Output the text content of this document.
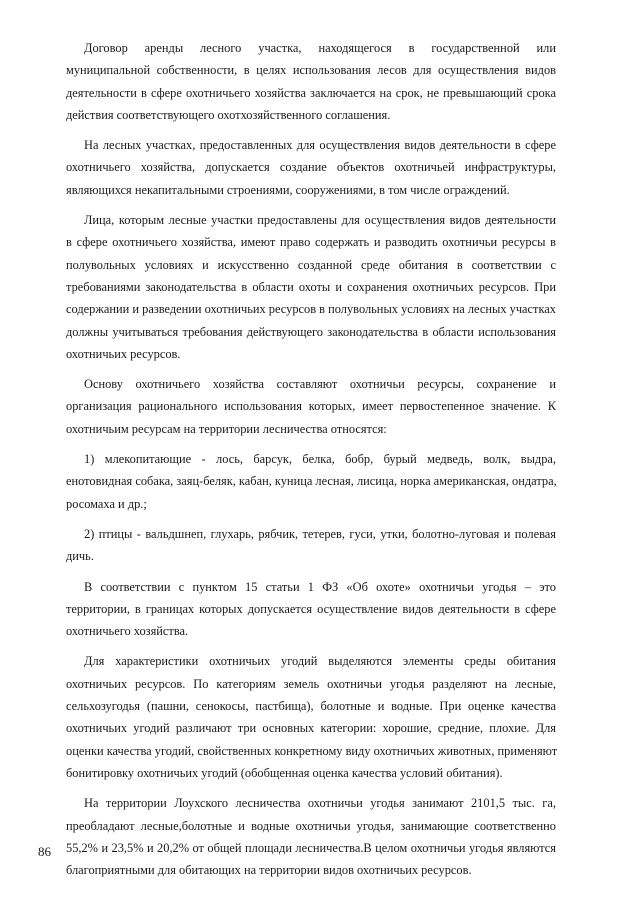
Договор аренды лесного участка, находящегося в государственной или
муниципальной собственности, в целях использования лесов для осуществления видов
деятельности в сфере охотничьего хозяйства заключается на срок, не превышающий срока
действия соответствующего охотхозяйственного соглашения.

На лесных участках, предоставленных для осуществления видов деятельности в сфере
охотничьего хозяйства, допускается создание объектов охотничьей инфраструктуры,
являющихся некапитальными строениями, сооружениями, в том числе ограждений.

Лица, которым лесные участки предоставлены для осуществления видов деятельности
в сфере охотничьего хозяйства, имеют право содержать и разводить охотничьи ресурсы в
полувольных условиях и искусственно созданной среде обитания в соответствии с
требованиями законодательства в области охоты и сохранения охотничьих ресурсов. При
содержании и разведении охотничьих ресурсов в полувольных условиях на лесных участках
должны учитываться требования действующего законодательства в области использования
охотничьих ресурсов.

Основу охотничьего хозяйства составляют охотничьи ресурсы, сохранение и
организация рационального использования которых, имеет первостепенное значение. К
охотничьим ресурсам на территории лесничества относятся:

1) млекопитающие - лось, барсук, белка, бобр, бурый медведь, волк, выдра,
енотовидная собака, заяц-беляк, кабан, куница лесная, лисица, норка американская, ондатра,
росомаха и др.;

2) птицы - вальдшнеп, глухарь, рябчик, тетерев, гуси, утки, болотно-луговая и полевая
дичь.

В соответствии с пунктом 15 статьи 1 ФЗ «Об охоте» охотничьи угодья – это
территории, в границах которых допускается осуществление видов деятельности в сфере
охотничьего хозяйства.

Для характеристики охотничьих угодий выделяются элементы среды обитания
охотничьих ресурсов. По категориям земель охотничьи угодья разделяют на лесные,
сельхозугодья (пашни, сенокосы, пастбища), болотные и водные. При оценке качества
охотничьих угодий различают три основных категории: хорошие, средние, плохие. Для
оценки качества угодий, свойственных конкретному виду охотничьих животных, применяют
бонитировку охотничьих угодий (обобщенная оценка качества условий обитания).

На территории Лоухского лесничества охотничьи угодья занимают 2101,5 тыс. га,
преобладают лесные,болотные и водные охотничьи угодья, занимающие соответственно
55,2% и 23,5% и 20,2% от общей площади лесничества.В целом охотничьи угодья являются
благоприятными для обитающих на территории видов охотничьих ресурсов.

86
